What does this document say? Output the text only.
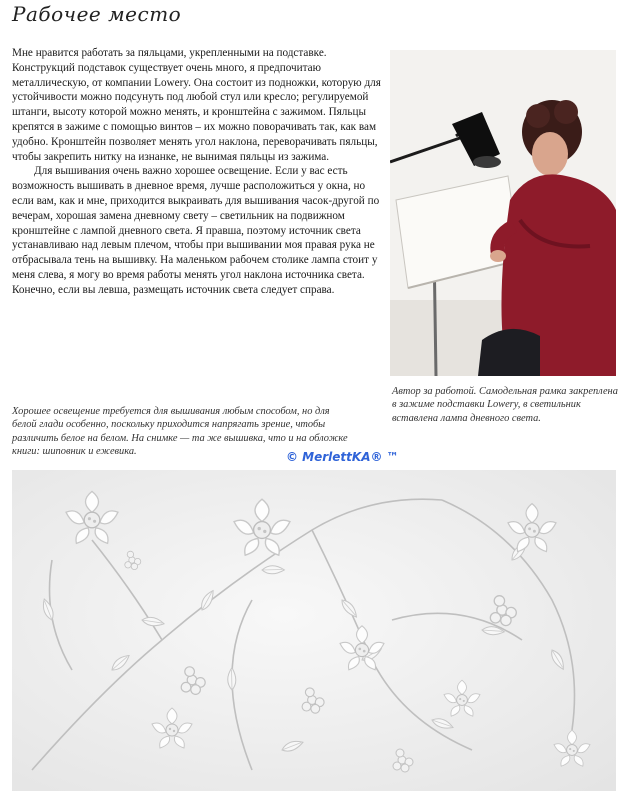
Рабочее место

Мне нравится работать за пяльцами, укрепленными на подставке. Конструкций подставок существует очень много, я предпочитаю металлическую, от компании Lowery. Она состоит из подножки, которую для устойчивости можно подсунуть под любой стул или кресло; регулируемой штанги, высоту которой можно менять, и кронштейна с зажимом. Пяльцы крепятся в зажиме с помощью винтов – их можно поворачивать так, как вам удобно. Кронштейн позволяет менять угол наклона, переворачивать пяльцы, чтобы закрепить нитку на изнанке, не вынимая пяльцы из зажима.

Для вышивания очень важно хорошее освещение. Если у вас есть возможность вышивать в дневное время, лучше расположиться у окна, но если вам, как и мне, приходится выкраивать для вышивания часок-другой по вечерам, хорошая замена дневному свету – светильник на подвижном кронштейне с лампой дневного света. Я правша, поэтому источник света устанавливаю над левым плечом, чтобы при вышивании моя правая рука не отбрасывала тень на вышивку. На маленьком рабочем столике лампа стоит у меня слева, я могу во время работы менять угол наклона источника света. Конечно, если вы левша, размещать источник света следует справа.

Автор за работой. Самодельная рамка закреплена в зажиме подставки Lowery, в светильник вставлена лампа дневного света.

Хорошее освещение требуется для вышивания любым способом, но для белой глади особенно, поскольку приходится напрягать зрение, чтобы различить белое на белом. На снимке — та же вышивка, что и на обложке книги: шиповник и ежевика.	© MerlettKA® ™
